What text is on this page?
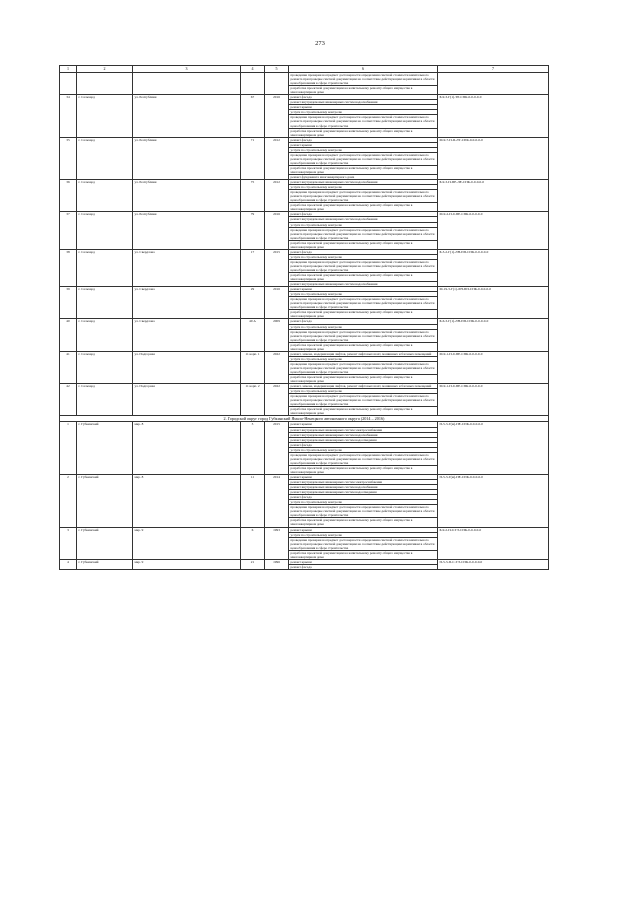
273
1	2	3	4	5	6	7
					проведение проверки на предмет достоверности определения сметной стоимости капитального ремонта при проверке сметной документации на соответствие действующим нормативам в области ценообразования в сфере строительства	
					разработка проектной документации на капитальному ремонту общего имущества в многоквартирном доме	
34	г. Сальхард	ул. Республики	67	2016	ремонт фасада	Б-9-3-Г(1)-ТР-СПК-0-0-0-0-0
					ремонт внутридомовых инженерных систем водоснабжения	
					ремонт крыши	
					услуги по строительному контролю	
					проведение проверки на предмет достоверности определения сметной стоимости капитального ремонта при проверке сметной документации на соответствие действующим нормативам в области ценообразования в сфере строительства	
					разработка проектной документации на капитальному ремонту общего имущества в многоквартирном доме	
35	г. Сальхард	ул. Республики	71	2012	ремонт фасада	М-9-7-П-II-ЛТ-СПК-0-0-0-0-0
					ремонт крыши	
					услуги по строительному контролю	
					проведение проверки на предмет достоверности определения сметной стоимости капитального ремонта при проверке сметной документации на соответствие действующим нормативам в области ценообразования в сфере строительства	
					разработка проектной документации на капитальному ремонту общего имущества в многоквартирном доме	
					ремонт фундамента многоквартирного дома	
36	г. Сальхард	ул. Республики	75	2012	ремонт внутридомовых инженерных систем водоснабжения	Б-9-3-П-ПЕ-ЛЕ-СПК-0-0-0-0-0
					услуги по строительному контролю	
					проведение проверки на предмет достоверности определения сметной стоимости капитального ремонта при проверке сметной документации на соответствие действующим нормативам в области ценообразования в сфере строительства	
					разработка проектной документации на капитальному ремонту общего имущества в многоквартирном доме	
37	г. Сальхард	ул. Республики	79	2016	ремонт фасада	М-9-2-П-0-ПЕ-СПК-0-0-0-0-0
					ремонт внутридомовых инженерных систем водоснабжения	
					услуги по строительному контролю	
					проведение проверки на предмет достоверности определения сметной стоимости капитального ремонта при проверке сметной документации на соответствие действующим нормативам в области ценообразования в сфере строительства	
					разработка проектной документации на капитальному ремонту общего имущества в многоквартирном доме	
38	г. Сальхард	ул. Свердлова	17	2015	ремонт фасада	Б-3-2-Г(1)-ЛН-ПП-СПК-0-0-0-0-0
					услуги по строительному контролю	
					проведение проверки на предмет достоверности определения сметной стоимости капитального ремонта при проверке сметной документации на соответствие действующим нормативам в области ценообразования в сфере строительства	
					разработка проектной документации на капитальному ремонту общего имущества в многоквартирном доме	
					ремонт внутридомовых инженерных систем водоснабжения	
39	г. Сальхард	ул. Свердлова	29	2016	ремонт крыши	М-19-3-Г(1)-ЛН-ПП-СПК-0-0-0-0-0
					услуги по строительному контролю	
					проведение проверки на предмет достоверности определения сметной стоимости капитального ремонта при проверке сметной документации на соответствие действующим нормативам в области ценообразования в сфере строительства	
					разработка проектной документации на капитальному ремонту общего имущества в многоквартирном доме	
40	г. Сальхард	ул. Свердлова	40 А	2009	ремонт фасада	Б-6-3-Г(1)-ЛН-ПП-СПК-0-0-0-0-0
					услуги по строительному контролю	
					проведение проверки на предмет достоверности определения сметной стоимости капитального ремонта при проверке сметной документации на соответствие действующим нормативам в области ценообразования в сфере строительства	
					разработка проектной документации на капитальному ремонту общего имущества в многоквартирном доме	
41	г. Сальхард	ул. Подгорная	11 корп. 1	2022	ремонт, замена, модернизация лифтов, ремонт лифтовых шахт, машинных и блочных помещений	М-9-1-П-0-ПЕ-СПК-0-0-0-0-0
					услуги по строительному контролю	
					проведение проверки на предмет достоверности определения сметной стоимости капитального ремонта при проверке сметной документации на соответствие действующим нормативам в области ценообразования в сфере строительства	
					разработка проектной документации на капитальному ремонту общего имущества в многоквартирном доме	
42	г. Сальхард	ул. Подгорная	11 корп. 2	2022	ремонт, замена, модернизация лифтов, ремонт лифтовых шахт, машинных и блочных помещений	М-9-1-П-0-ПЕ-СПК-0-0-0-0-0
					услуги по строительному контролю	
					проведение проверки на предмет достоверности определения сметной стоимости капитального ремонта при проверке сметной документации на соответствие действующим нормативам в области ценообразования в сфере строительства	
					разработка проектной документации на капитальному ремонту общего имущества в многоквартирном доме	
2. Городской округ город Губкинский Ямало-Ненецкого автономного округа (2014 – 2016)						
1	г. Губкинский	мкр. 8	3	2015	ремонт крыши	П-5-3-Г(м)-ПЕ-СПК-0-0-0-0-0
					ремонт внутридомовых инженерных систем электроснабжения	
					ремонт внутридомовых инженерных систем водоснабжения	
					ремонт внутридомовых инженерных систем водоотведения	
					ремонт фасада	
					услуги по строительному контролю	
					проведение проверки на предмет достоверности определения сметной стоимости капитального ремонта при проверке сметной документации на соответствие действующим нормативам в области ценообразования в сфере строительства	
					разработка проектной документации на капитальному ремонту общего имущества в многоквартирном доме	
2	г. Губкинский	мкр. 8	11	2014	ремонт крыши	П-5-3-Г(м)-ПЕ-СПК-0-0-0-0-0
					ремонт внутридомовых инженерных систем электроснабжения	
					ремонт внутридомовых инженерных систем водоснабжения	
					ремонт внутридомовых инженерных систем водоотведения	
					ремонт фасада	
					услуги по строительному контролю	
					проведение проверки на предмет достоверности определения сметной стоимости капитального ремонта при проверке сметной документации на соответствие действующим нормативам в области ценообразования в сфере строительства	
					разработка проектной документации на капитальному ремонту общего имущества в многоквартирном доме	
3	г. Губкинский	мкр. 9	6	1993	ремонт крыши	Б-9-2-П-0-ТЭ-СПК-0-0-0-0-0
					услуги по строительному контролю	
					проведение проверки на предмет достоверности определения сметной стоимости капитального ремонта при проверке сметной документации на соответствие действующим нормативам в области ценообразования в сфере строительства	
					разработка проектной документации на капитальному ремонту общего имущества в многоквартирном доме	
4	г. Губкинский	мкр. 9	21	1996	ремонт крыши	П-5-3-П-С-ТЭ-СПК-0-0-0-0-0
					ремонт фасада	
